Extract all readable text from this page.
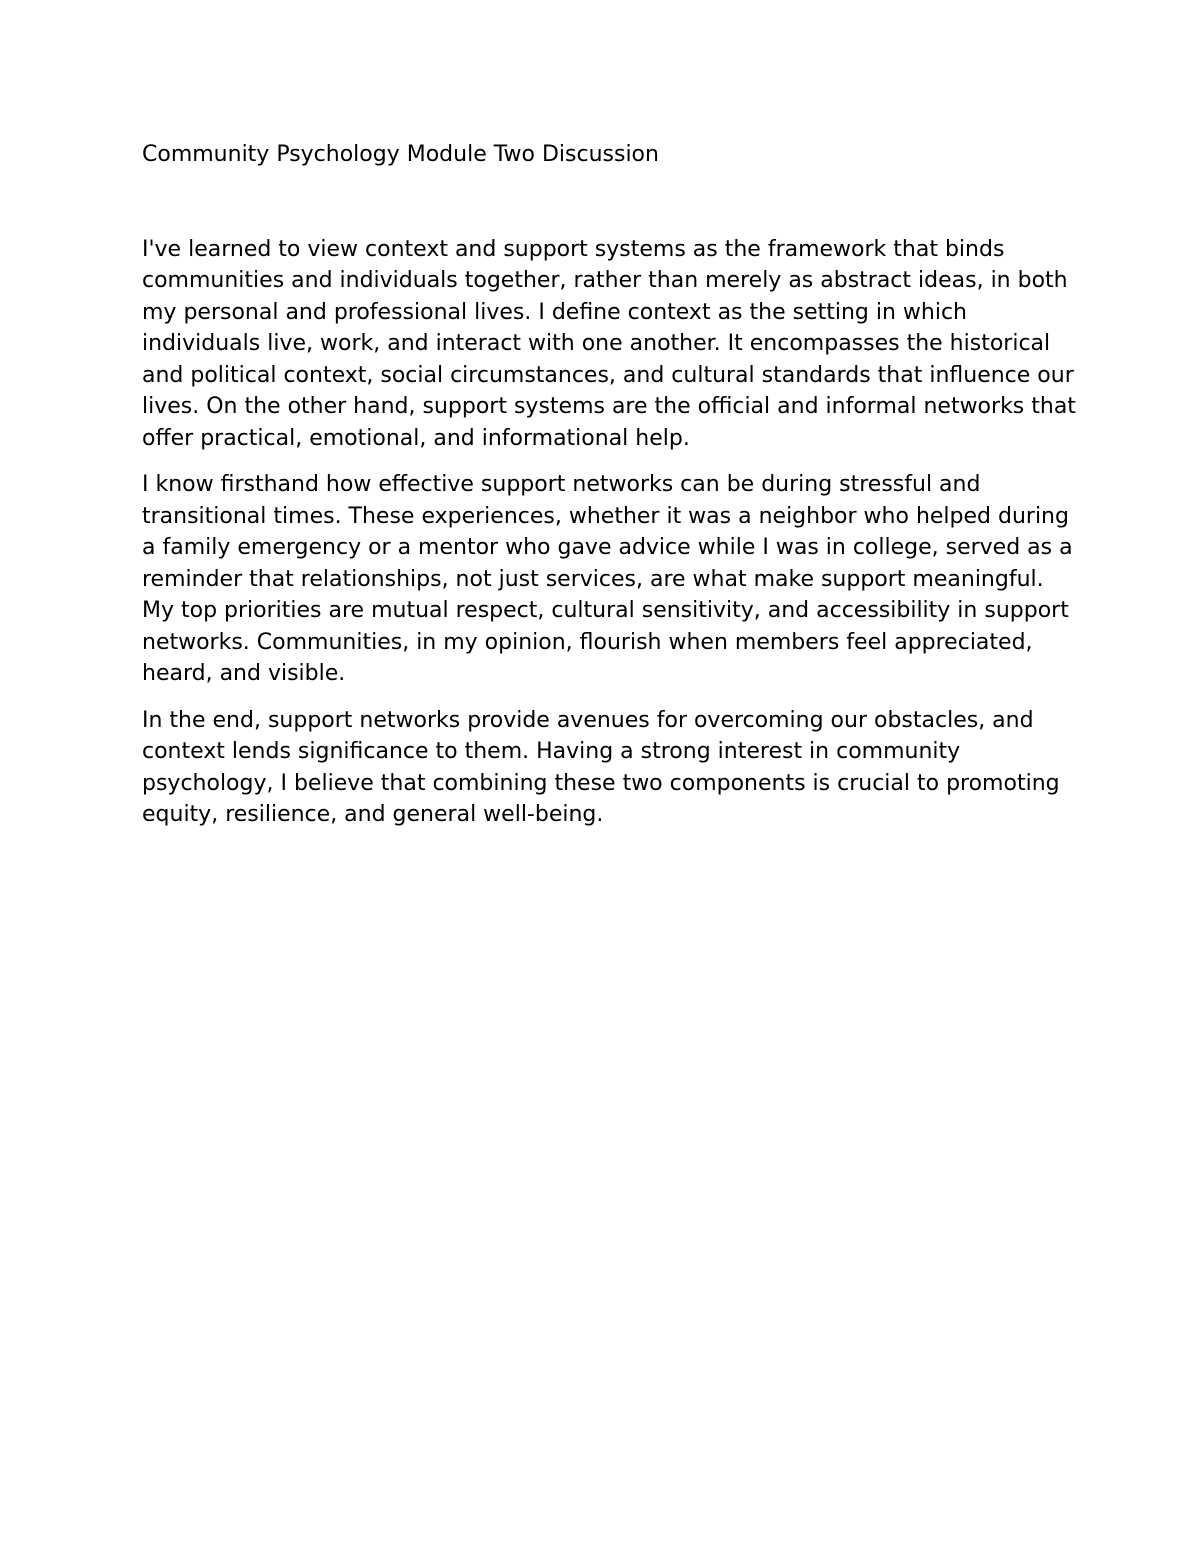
Community Psychology Module Two Discussion

I've learned to view context and support systems as the framework that binds communities and individuals together, rather than merely as abstract ideas, in both my personal and professional lives. I define context as the setting in which individuals live, work, and interact with one another. It encompasses the historical and political context, social circumstances, and cultural standards that influence our lives. On the other hand, support systems are the official and informal networks that offer practical, emotional, and informational help.

I know firsthand how effective support networks can be during stressful and transitional times. These experiences, whether it was a neighbor who helped during a family emergency or a mentor who gave advice while I was in college, served as a reminder that relationships, not just services, are what make support meaningful. My top priorities are mutual respect, cultural sensitivity, and accessibility in support networks. Communities, in my opinion, flourish when members feel appreciated, heard, and visible.

In the end, support networks provide avenues for overcoming our obstacles, and context lends significance to them. Having a strong interest in community psychology, I believe that combining these two components is crucial to promoting equity, resilience, and general well-being.
